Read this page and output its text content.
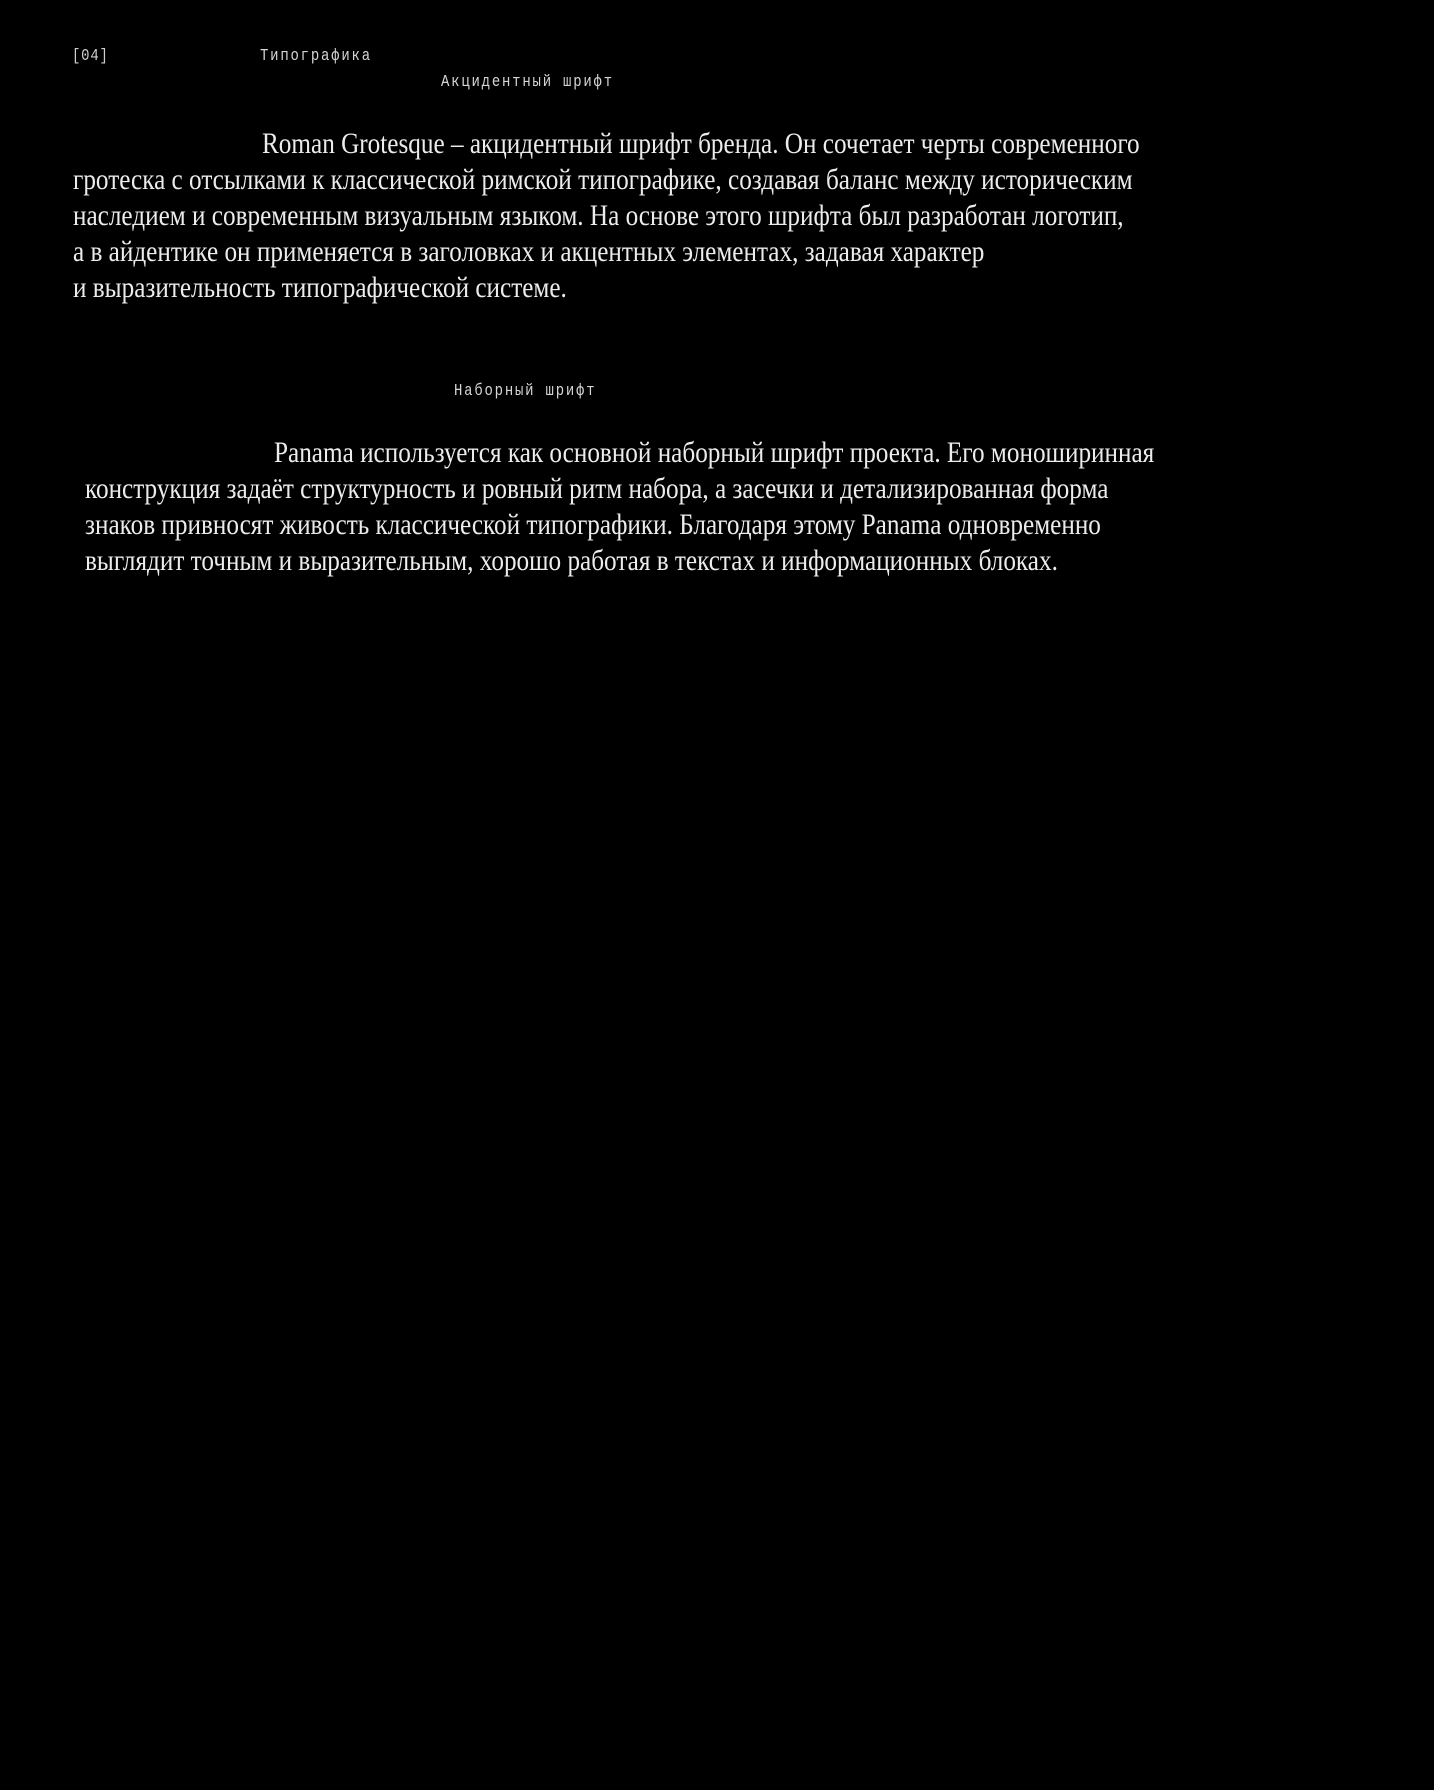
[04]	Типографика
Акцидентный шрифт
Roman Grotesque – акцидентный шрифт бренда. Он сочетает черты современного
гротеска с отсылками к классической римской типографике, создавая баланс между историческим
наследием и современным визуальным языком. На основе этого шрифта был разработан логотип,
а в айдентике он применяется в заголовках и акцентных элементах, задавая характер
и выразительность типографической системе.
Наборный шрифт
Panama используется как основной наборный шрифт проекта. Его моноширинная
конструкция задаёт структурность и ровный ритм набора, а засечки и детализированная форма
знаков привносят живость классической типографики. Благодаря этому Panama одновременно
выглядит точным и выразительным, хорошо работая в текстах и информационных блоках.
